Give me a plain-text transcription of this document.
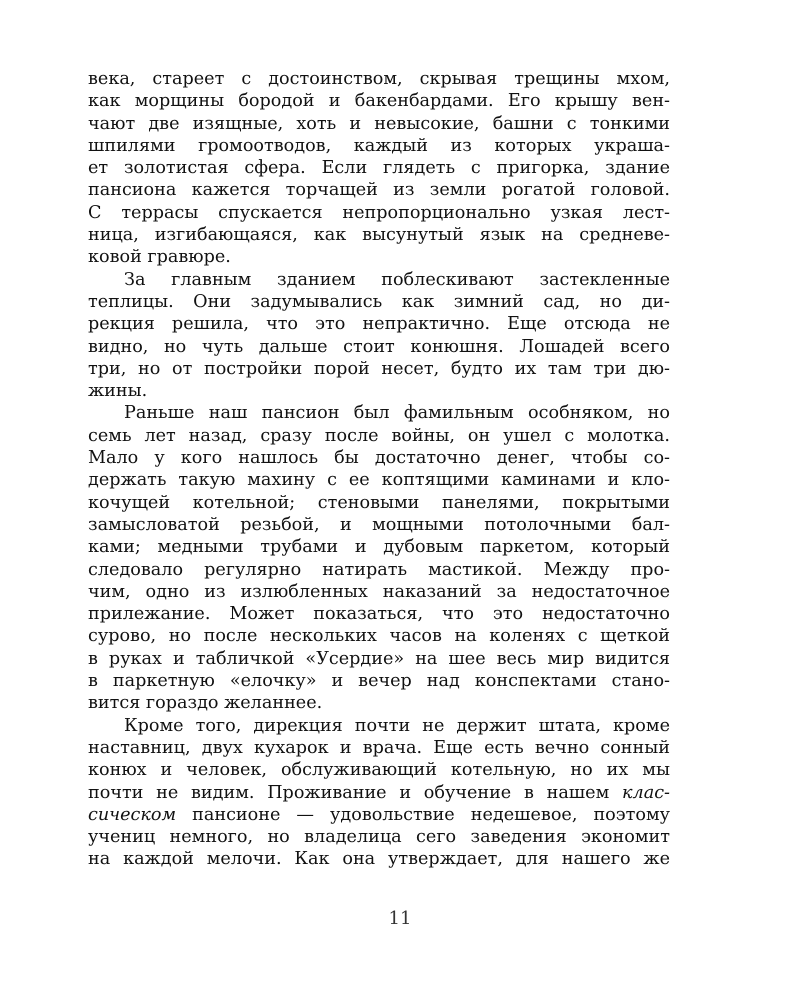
века, стареет с достоинством, скрывая трещины мхом,
как морщины бородой и бакенбардами. Его крышу вен-
чают две изящные, хоть и невысокие, башни с тонкими
шпилями громоотводов, каждый из которых украша-
ет золотистая сфера. Если глядеть с пригорка, здание
пансиона кажется торчащей из земли рогатой головой.
С террасы спускается непропорционально узкая лест-
ница, изгибающаяся, как высунутый язык на средневе-
ковой гравюре.
За главным зданием поблескивают застекленные
теплицы. Они задумывались как зимний сад, но ди-
рекция решила, что это непрактично. Еще отсюда не
видно, но чуть дальше стоит конюшня. Лошадей всего
три, но от постройки порой несет, будто их там три дю-
жины.
Раньше наш пансион был фамильным особняком, но
семь лет назад, сразу после войны, он ушел с молотка.
Мало у кого нашлось бы достаточно денег, чтобы со-
держать такую махину с ее коптящими каминами и кло-
кочущей котельной; стеновыми панелями, покрытыми
замысловатой резьбой, и мощными потолочными бал-
ками; медными трубами и дубовым паркетом, который
следовало регулярно натирать мастикой. Между про-
чим, одно из излюбленных наказаний за недостаточное
прилежание. Может показаться, что это недостаточно
сурово, но после нескольких часов на коленях с щеткой
в руках и табличкой «Усердие» на шее весь мир видится
в паркетную «елочку» и вечер над конспектами стано-
вится гораздо желаннее.
Кроме того, дирекция почти не держит штата, кроме
наставниц, двух кухарок и врача. Еще есть вечно сонный
конюх и человек, обслуживающий котельную, но их мы
почти не видим. Проживание и обучение в нашем клас-
сическом пансионе — удовольствие недешевое, поэтому
учениц немного, но владелица сего заведения экономит
на каждой мелочи. Как она утверждает, для нашего же
11
